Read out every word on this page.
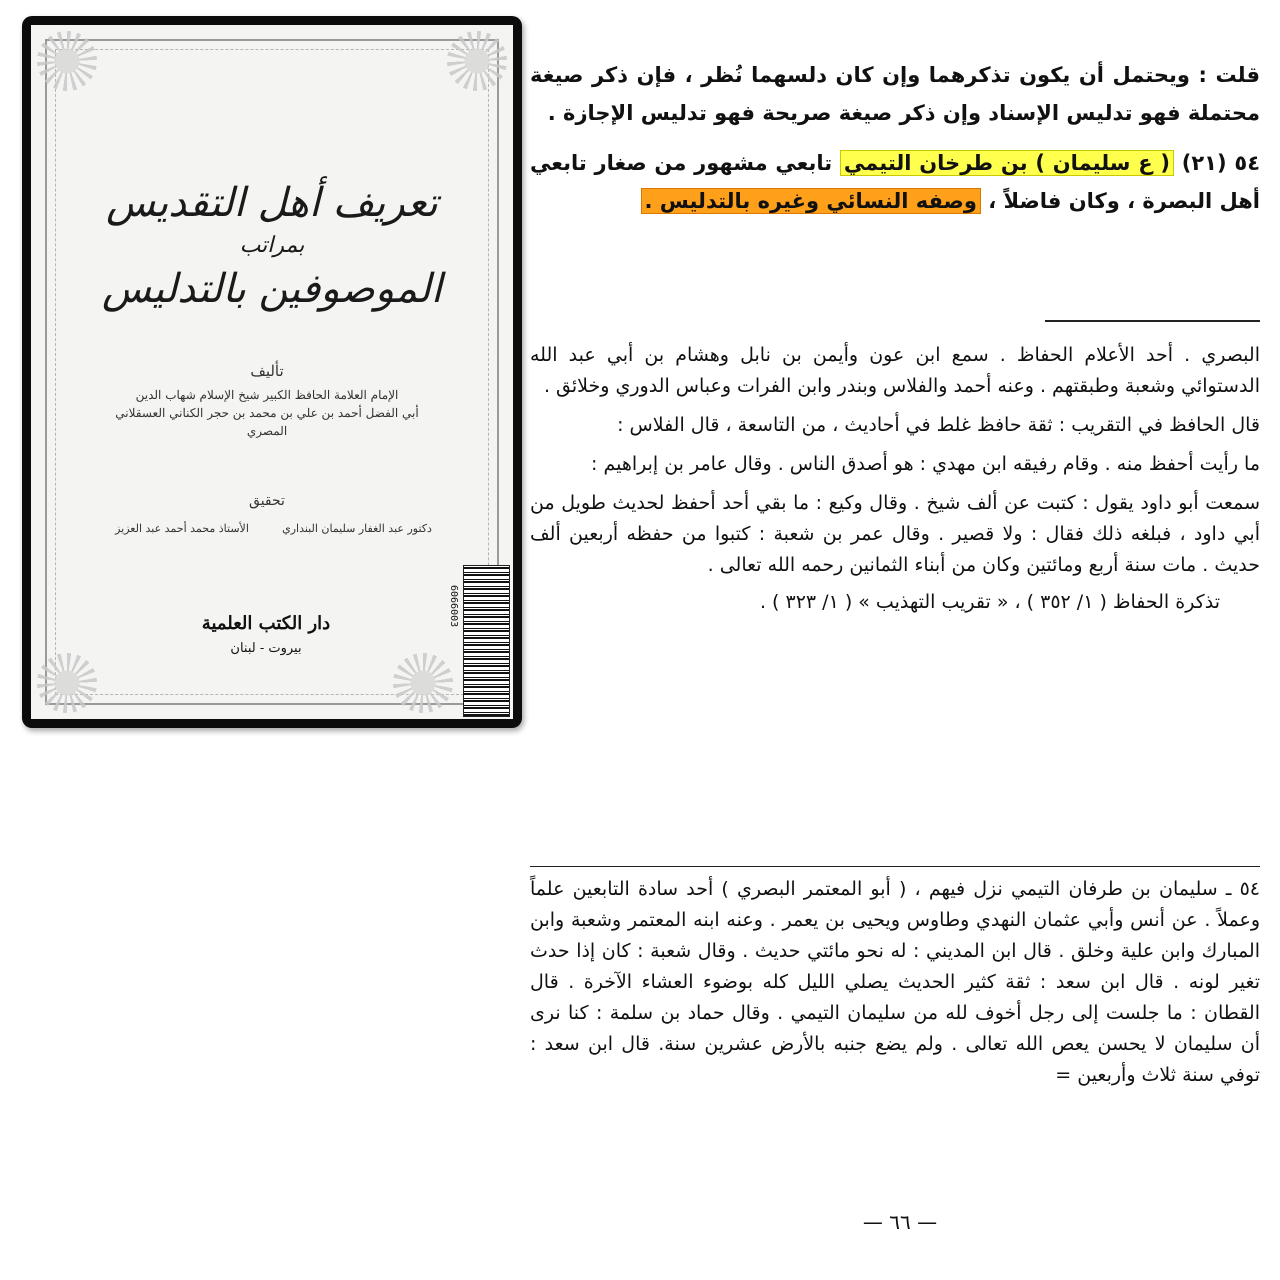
تعريف أهل التقديس
بمراتب
الموصوفين بالتدليس
تأليف
الإمام العلامة الحافظ الكبير شيخ الإسلام شهاب الدين
أبي الفضل أحمد بن علي بن محمد بن حجر الكناني العسقلاني
المصري
تحقيق
دكتور عبد الغفار سليمان البنداري
الأستاذ محمد أحمد عبد العزيز
دار الكتب العلمية
بيروت - لبنان
6066003

قلت : ويحتمل أن يكون تذكرهما وإن كان دلسهما نُظر ، فإن ذكر صيغة محتملة فهو تدليس الإسناد وإن ذكر صيغة صريحة فهو تدليس الإجازة .

٥٤ (٢١) ( ع سليمان ) بن طرخان التيمي تابعي مشهور من صغار تابعي أهل البصرة ، وكان فاضلاً ، وصفه النسائي وغيره بالتدليس .

البصري . أحد الأعلام الحفاظ . سمع ابن عون وأيمن بن نابل وهشام بن أبي عبد الله الدستوائي وشعبة وطبقتهم . وعنه أحمد والفلاس وبندر وابن الفرات وعباس الدوري وخلائق .

قال الحافظ في التقريب : ثقة حافظ غلط في أحاديث ، من التاسعة ، قال الفلاس :

ما رأيت أحفظ منه . وقام رفيقه ابن مهدي : هو أصدق الناس . وقال عامر بن إبراهيم :

سمعت أبو داود يقول : كتبت عن ألف شيخ . وقال وكيع : ما بقي أحد أحفظ لحديث طويل من أبي داود ، فبلغه ذلك فقال : ولا قصير . وقال عمر بن شعبة : كتبوا من حفظه أربعين ألف حديث . مات سنة أربع ومائتين وكان من أبناء الثمانين رحمه الله تعالى .

تذكرة الحفاظ ( ١/ ٣٥٢ ) ، « تقريب التهذيب » ( ١/ ٣٢٣ ) .

٥٤ ـ سليمان بن طرفان التيمي نزل فيهم ، ( أبو المعتمر البصري ) أحد سادة التابعين علماً وعملاً . عن أنس وأبي عثمان النهدي وطاوس ويحيى بن يعمر . وعنه ابنه المعتمر وشعبة وابن المبارك وابن علية وخلق . قال ابن المديني : له نحو مائتي حديث . وقال شعبة : كان إذا حدث تغير لونه . قال ابن سعد : ثقة كثير الحديث يصلي الليل كله بوضوء العشاء الآخرة . قال القطان : ما جلست إلى رجل أخوف لله من سليمان التيمي . وقال حماد بن سلمة : كنا نرى أن سليمان لا يحسن يعص الله تعالى . ولم يضع جنبه بالأرض عشرين سنة. قال ابن سعد : توفي سنة ثلاث وأربعين =

— ٦٦ —
